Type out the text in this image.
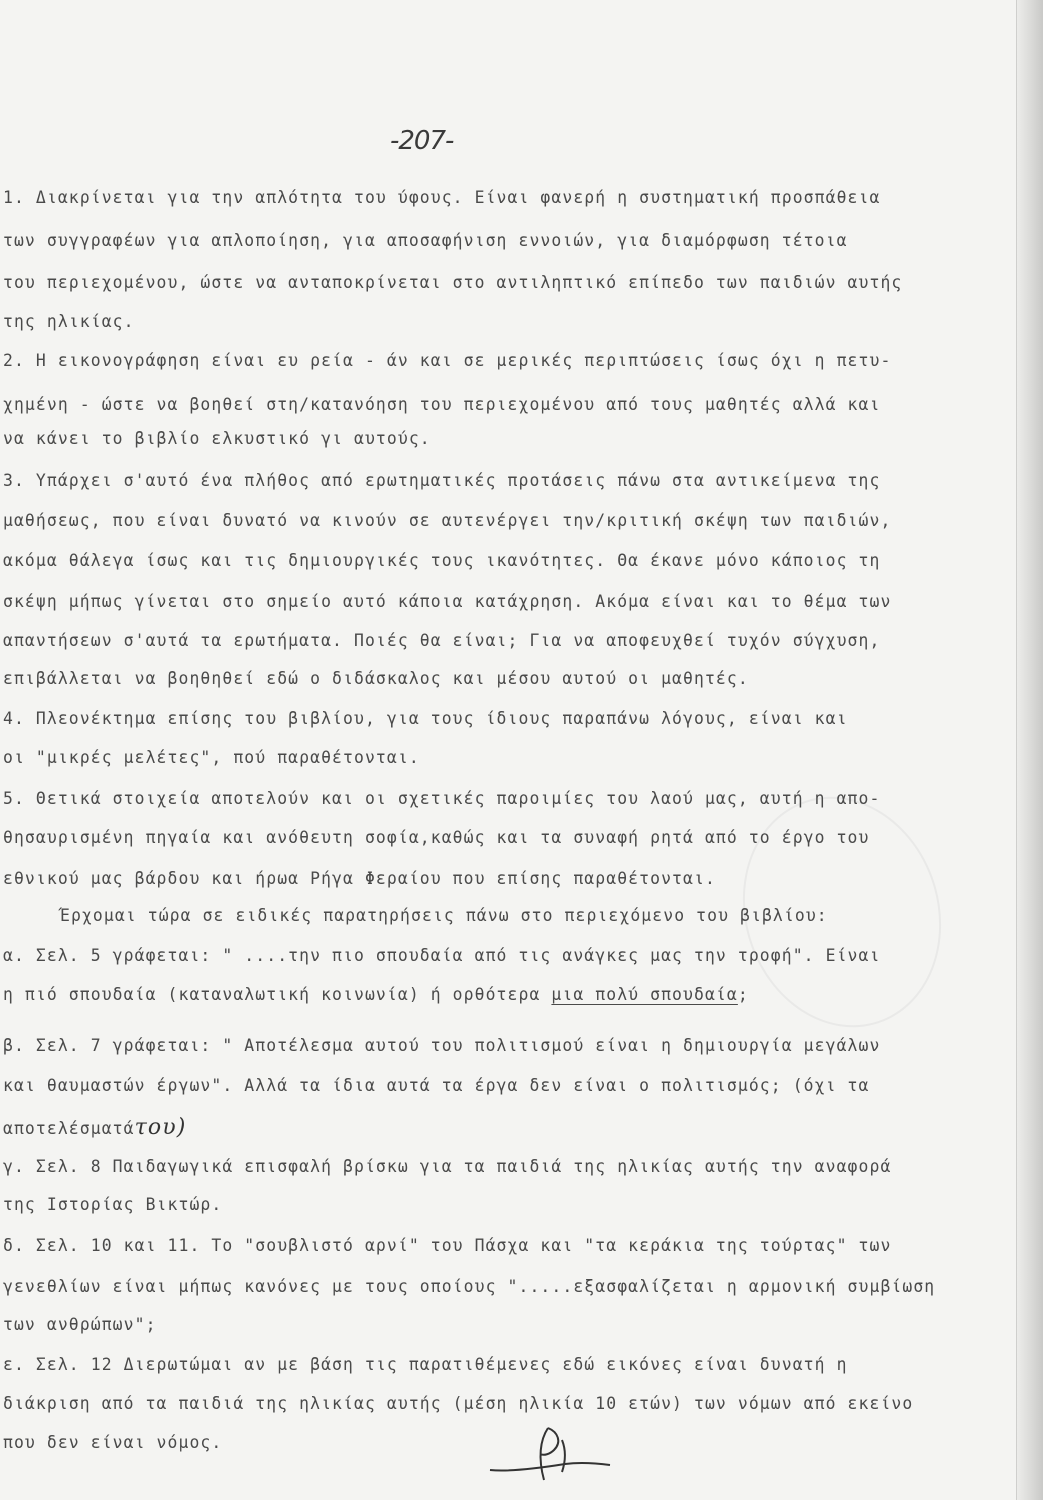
-207-
1. Διακρίνεται για την απλότητα του ύφους. Είναι φανερή η συστηματική προσπάθεια
των συγγραφέων για απλοποίηση, για αποσαφήνιση εννοιών, για διαμόρφωση τέτοια
του περιεχομένου, ώστε να ανταποκρίνεται στο αντιληπτικό επίπεδο των παιδιών αυτής
της ηλικίας.
2. Η εικονογράφηση είναι ευ ρεία - άν και σε μερικές περιπτώσεις ίσως όχι η πετυ-
χημένη - ώστε να βοηθεί στη/κατανόηση του περιεχομένου από τους μαθητές αλλά και
να κάνει το βιβλίο ελκυστικό γι αυτούς.
3. Υπάρχει σ'αυτό ένα πλήθος από ερωτηματικές προτάσεις πάνω στα αντικείμενα της
μαθήσεως, που είναι δυνατό να κινούν σε αυτενέργει την/κριτική σκέψη των παιδιών,
ακόμα θάλεγα ίσως και τις δημιουργικές τους ικανότητες. Θα έκανε μόνο κάποιος τη
σκέψη μήπως γίνεται στο σημείο αυτό κάποια κατάχρηση. Ακόμα είναι και το θέμα των
απαντήσεων σ'αυτά τα ερωτήματα. Ποιές θα είναι; Για να αποφευχθεί τυχόν σύγχυση,
επιβάλλεται να βοηθηθεί εδώ ο διδάσκαλος και μέσου αυτού οι μαθητές.
4. Πλεονέκτημα επίσης του βιβλίου, για τους ίδιους παραπάνω λόγους, είναι και
οι "μικρές μελέτες", πού παραθέτονται.
5. Θετικά στοιχεία αποτελούν και οι σχετικές παροιμίες του λαού μας, αυτή η απο-
θησαυρισμένη πηγαία και ανόθευτη σοφία,καθώς και τα συναφή ρητά από το έργο του
εθνικού μας βάρδου και ήρωα Ρήγα Φεραίου που επίσης παραθέτονται.
Έρχομαι τώρα σε ειδικές παρατηρήσεις πάνω στο περιεχόμενο του βιβλίου:
α. Σελ. 5 γράφεται: " ....την πιο σπουδαία από τις ανάγκες μας την τροφή". Είναι
η πιό σπουδαία (καταναλωτική κοινωνία) ή ορθότερα μια πολύ σπουδαία;
β. Σελ. 7 γράφεται: " Αποτέλεσμα αυτού του πολιτισμού είναι η δημιουργία μεγάλων
και θαυμαστών έργων". Αλλά τα ίδια αυτά τα έργα δεν είναι ο πολιτισμός; (όχι τα
αποτελέσματάτου)
γ. Σελ. 8 Παιδαγωγικά επισφαλή βρίσκω για τα παιδιά της ηλικίας αυτής την αναφορά
της Ιστορίας Βικτώρ.
δ. Σελ. 10 και 11. Το "σουβλιστό αρνί" του Πάσχα και "τα κεράκια της τούρτας" των
γενεθλίων είναι μήπως κανόνες με τους οποίους ".....εξασφαλίζεται η αρμονική συμβίωση
των ανθρώπων";
ε. Σελ. 12 Διερωτώμαι αν με βάση τις παρατιθέμενες εδώ εικόνες είναι δυνατή η
διάκριση από τα παιδιά της ηλικίας αυτής (μέση ηλικία 10 ετών) των νόμων από εκείνο
που δεν είναι νόμος.
